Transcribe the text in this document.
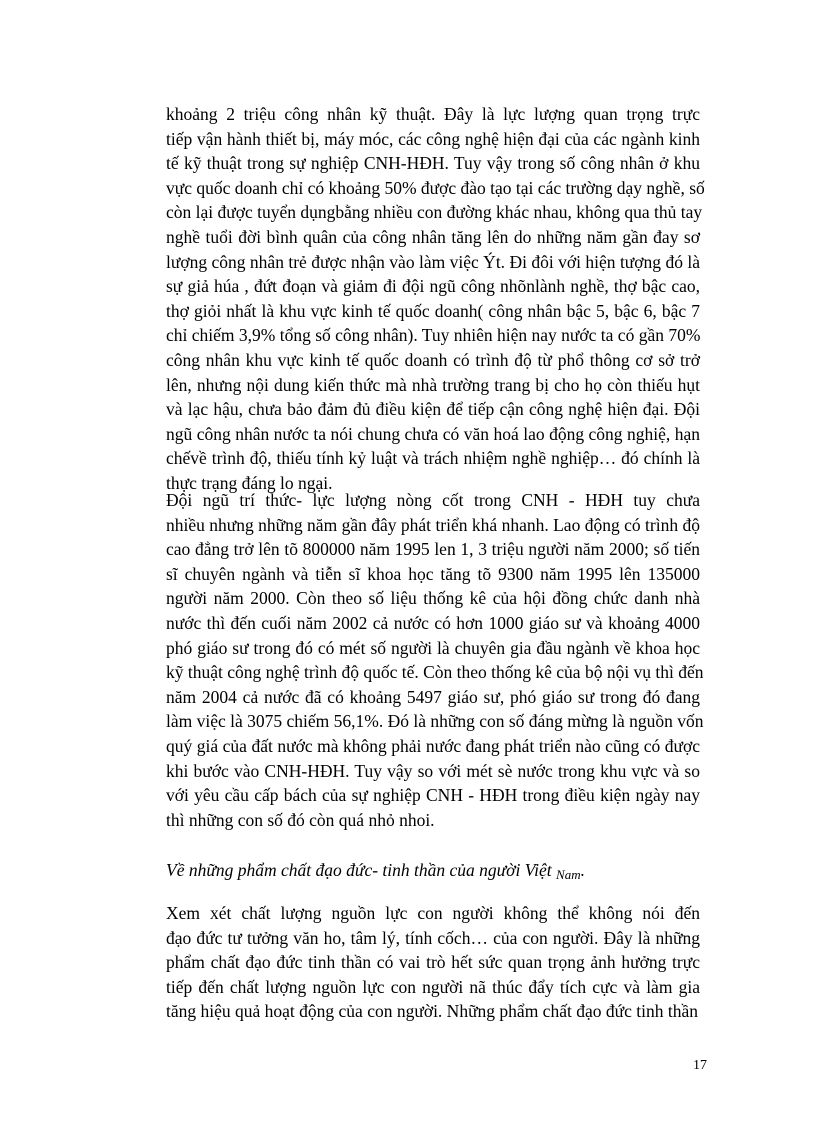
khoảng 2 triệu công nhân kỹ thuật. Đây là lực lượng quan trọng trực
tiếp vận hành thiết bị, máy móc, các công nghệ hiện đại của các ngành kinh
tế kỹ thuật trong sự nghiệp CNH-HĐH. Tuy vậy trong số công nhân ở khu
vực quốc doanh chỉ có khoảng 50% được đào tạo tại các trường dạy nghề, số
còn lại được tuyển dụngbằng nhiều con đường khác nhau, không qua thủ tay
nghề tuổi đời bình quân của công nhân tăng lên do những năm gần đay sơ
lượng công nhân trẻ được nhận vào làm việc Ýt. Đi đôi với hiện tượng đó là
sự giả húa , đứt đoạn và giảm đi đội ngũ công nhõnlành nghề, thợ bậc cao,
thợ giỏi nhất là khu vực kinh tế quốc doanh( công nhân bậc 5, bậc 6, bậc 7
chỉ chiếm 3,9% tổng số công nhân). Tuy nhiên hiện nay nước ta có gần 70%
công nhân khu vực kinh tế quốc doanh có trình độ từ phổ thông cơ sở trở
lên, nhưng nội dung kiến thức mà nhà trường trang bị cho họ còn thiếu hụt
và lạc hậu, chưa bảo đảm đủ điều kiện để tiếp cận công nghệ hiện đại. Đội
ngũ công nhân nước ta nói chung chưa có văn hoá lao động công nghiệ, hạn
chếvề trình độ, thiếu tính kỷ luật và trách nhiệm nghề nghiệp… đó chính là
thực trạng đáng lo ngại.
Đội ngũ trí thức- lực lượng nòng cốt trong CNH - HĐH tuy chưa
nhiều nhưng những năm gần đây phát triển khá nhanh. Lao động có trình độ
cao đẳng trở lên tõ 800000 năm 1995 len 1, 3 triệu người năm 2000; số tiến
sĩ chuyên ngành và tiễn sĩ khoa học tăng tõ 9300 năm 1995 lên 135000
người năm 2000. Còn theo số liệu thống kê của hội đồng chức danh nhà
nước thì đến cuối năm 2002 cả nước có hơn 1000 giáo sư và khoảng 4000
phó giáo sư trong đó có mét số người là chuyên gia đầu ngành về khoa học
kỹ thuật công nghệ trình độ quốc tế. Còn theo thống kê của bộ nội vụ thì đến
năm 2004 cả nước đã có khoảng 5497 giáo sư, phó giáo sư trong đó đang
làm việc là 3075 chiếm 56,1%. Đó là những con số đáng mừng là nguồn vốn
quý giá của đất nước mà không phải nước đang phát triển nào cũng có được
khi bước vào CNH-HĐH. Tuy vậy so với mét sè nước trong khu vực và so
với yêu cầu cấp bách của sự nghiệp CNH - HĐH trong điều kiện ngày nay
thì những con số đó còn quá nhỏ nhoi.

Về những phẩm chất đạo đức- tinh thần của người Việt Nam.

Xem xét chất lượng nguồn lực con người không thể không nói đến
đạo đức tư tưởng văn ho, tâm lý, tính cốch… của con người. Đây là những
phẩm chất đạo đức tinh thần có vai trò hết sức quan trọng ảnh hưởng trực
tiếp đến chất lượng nguồn lực con người nã thúc đẩy tích cực và làm gia
tăng hiệu quả hoạt động của con người. Những phẩm chất đạo đức tinh thần
17
